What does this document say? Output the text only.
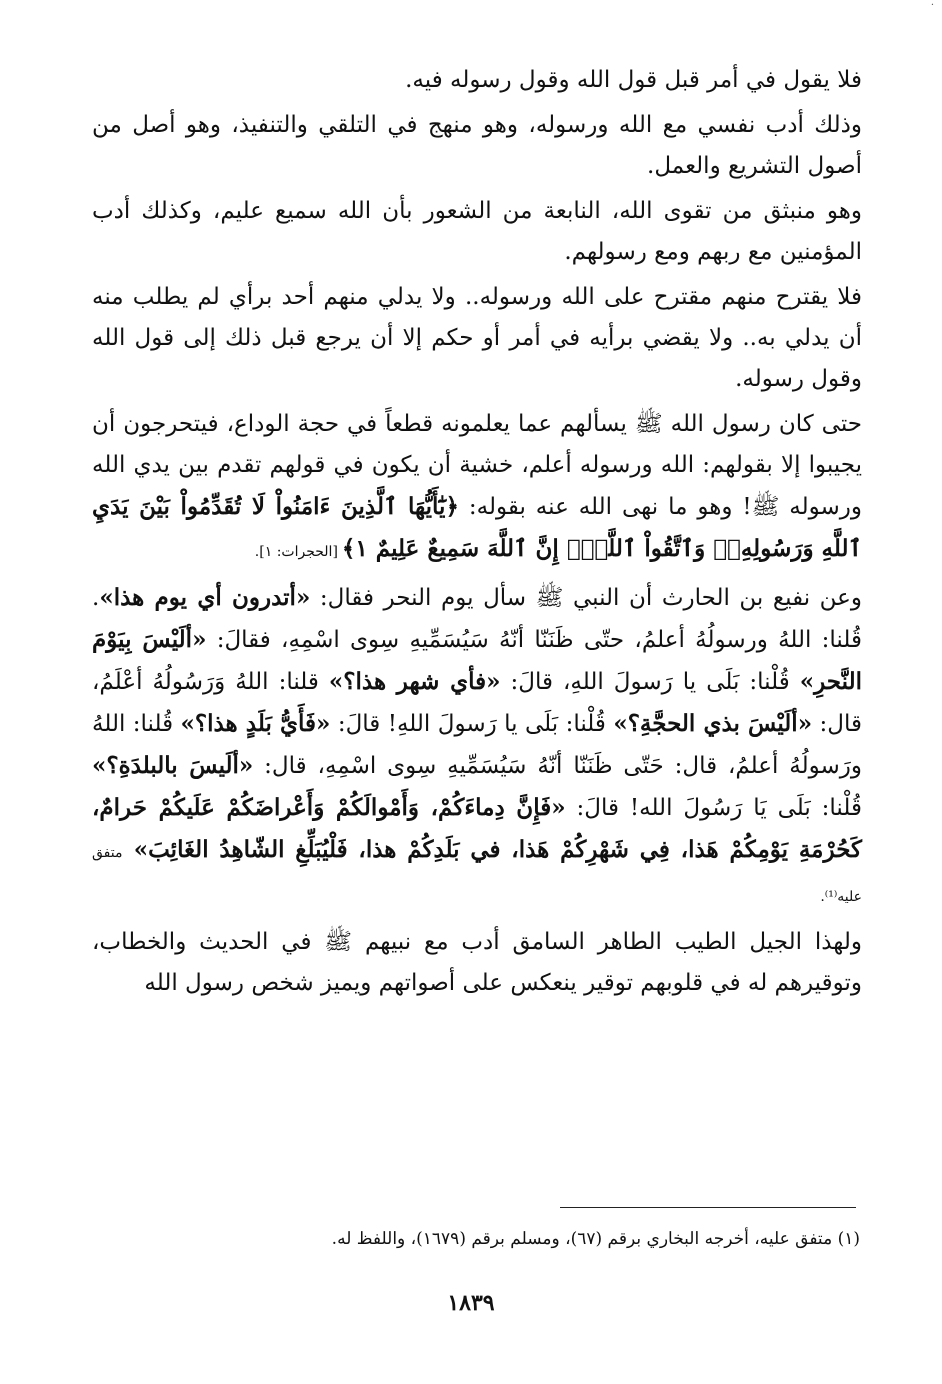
·

فلا يقول في أمر قبل قول الله وقول رسوله فيه.

وذلك أدب نفسي مع الله ورسوله، وهو منهج في التلقي والتنفيذ، وهو أصل من أصول التشريع والعمل.

وهو منبثق من تقوى الله، النابعة من الشعور بأن الله سميع عليم، وكذلك أدب المؤمنين مع ربهم ومع رسولهم.

فلا يقترح منهم مقترح على الله ورسوله.. ولا يدلي منهم أحد برأي لم يطلب منه أن يدلي به.. ولا يقضي برأيه في أمر أو حكم إلا أن يرجع قبل ذلك إلى قول الله وقول رسوله.

حتى كان رسول الله ﷺ يسألهم عما يعلمونه قطعاً في حجة الوداع، فيتحرجون أن يجيبوا إلا بقولهم: الله ورسوله أعلم، خشية أن يكون في قولهم تقدم بين يدي الله ورسوله ﷺ! وهو ما نهى الله عنه بقوله: ﴿يَٰٓأَيُّهَا ٱلَّذِينَ ءَامَنُواْ لَا تُقَدِّمُواْ بَيْنَ يَدَيِ ٱللَّهِ وَرَسُولِهِۦۖ وَٱتَّقُواْ ٱللَّهَۚ إِنَّ ٱللَّهَ سَمِيعٌ عَلِيمٌ ١﴾[الحجرات: ١].

وعن نفيع بن الحارث أن النبي ﷺ سأل يوم النحر فقال: «أتدرون أي يوم هذا». قُلنا: اللهُ ورسولُهُ أعلمُ، حتّى ظَنَنّا أنّهُ سَيُسَمِّيهِ سِوى اسْمِهِ، فقالَ: «ألَيْسَ بِيَوْمَ النَّحرِ» قُلْنا: بَلَى يا رَسولَ اللهِ، قالَ: «فأي شهر هذا؟» قلنا: اللهُ وَرَسُولُهُ أعْلَمُ، قال: «ألَيْسَ بذي الحجَّةِ؟» قُلْنا: بَلَى يا رَسولَ اللهِ! قالَ: «فَأَيُّ بَلَدٍ هذا؟» قُلنا: اللهُ ورَسولُهُ أعلمُ، قال: حَتّى ظَنَنّا أنّهُ سَيُسَمِّيهِ سِوى اسْمِهِ، قال: «ألَيسَ بالبلدَةِ؟» قُلْنا: بَلَى يَا رَسُولَ الله! قالَ: «فَإِنَّ دِماءَكُمْ، وَأَمْوالَكُمْ وَأَعْراضَكُمْ عَلَيكُمْ حَرامٌ، كَحُرْمَةِ يَوْمِكُمْ هَذا، فِي شَهْرِكُمْ هَذا، في بَلَدِكُمْ هذا، فَلْيُبَلِّغِ الشّاهِدُ الغَائِبَ» متفق عليه⁽¹⁾.

ولهذا الجيل الطيب الطاهر السامق أدب مع نبيهم ﷺ في الحديث والخطاب، وتوقيرهم له في قلوبهم توقير ينعكس على أصواتهم ويميز شخص رسول الله

(١) متفق عليه، أخرجه البخاري برقم (٦٧)، ومسلم برقم (١٦٧٩)، واللفظ له.
١٨٣٩
